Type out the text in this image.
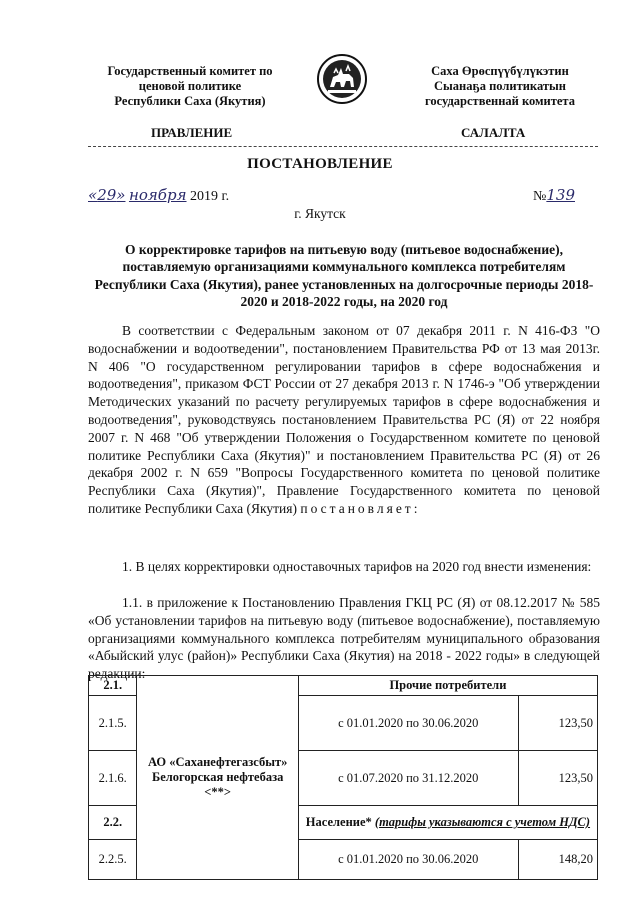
Государственный комитет по
ценовой политике
Республики Саха (Якутия)
Саха Өрөспүүбүлүкэтин
Сыанаҕа политикатын
государственнай комитета
ПРАВЛЕНИЕ	САЛАЛТА
ПОСТАНОВЛЕНИЕ
«29» ноября 2019 г.	№139
г. Якутск
О корректировке тарифов на питьевую воду (питьевое водоснабжение), поставляемую организациями коммунального комплекса потребителям Республики Саха (Якутия), ранее установленных на долгосрочные периоды 2018-2020 и 2018-2022 годы, на 2020 год
В соответствии с Федеральным законом от 07 декабря 2011 г. N 416-ФЗ "О водоснабжении и водоотведении", постановлением Правительства РФ от 13 мая 2013г. N 406 "О государственном регулировании тарифов в сфере водоснабжения и водоотведения", приказом ФСТ России от 27 декабря 2013 г. N 1746-э "Об утверждении Методических указаний по расчету регулируемых тарифов в сфере водоснабжения и водоотведения", руководствуясь постановлением Правительства РС (Я) от 22 ноября 2007 г. N 468 "Об утверждении Положения о Государственном комитете по ценовой политике Республики Саха (Якутия)" и постановлением Правительства РС (Я) от 26 декабря 2002 г. N 659 "Вопросы Государственного комитета по ценовой политике Республики Саха (Якутия)", Правление Государственного комитета по ценовой политике Республики Саха (Якутия) постановляет:
1. В целях корректировки одноставочных тарифов на 2020 год внести изменения:
1.1. в приложение к Постановлению Правления ГКЦ РС (Я) от 08.12.2017 № 585 «Об установлении тарифов на питьевую воду (питьевое водоснабжение), поставляемую организациями коммунального комплекса потребителям муниципального образования «Абыйский улус (район)» Республики Саха (Якутия) на 2018 - 2022 годы» в следующей редакции:
2.1.	АО «Саханефтегазсбыт» Белогорская нефтебаза <**>	Прочие потребители	
2.1.5.		с 01.01.2020 по 30.06.2020	123,50
2.1.6.		с 01.07.2020 по 31.12.2020	123,50
2.2.		Население* (тарифы указываются с учетом НДС)	
2.2.5.		с 01.01.2020 по 30.06.2020	148,20
